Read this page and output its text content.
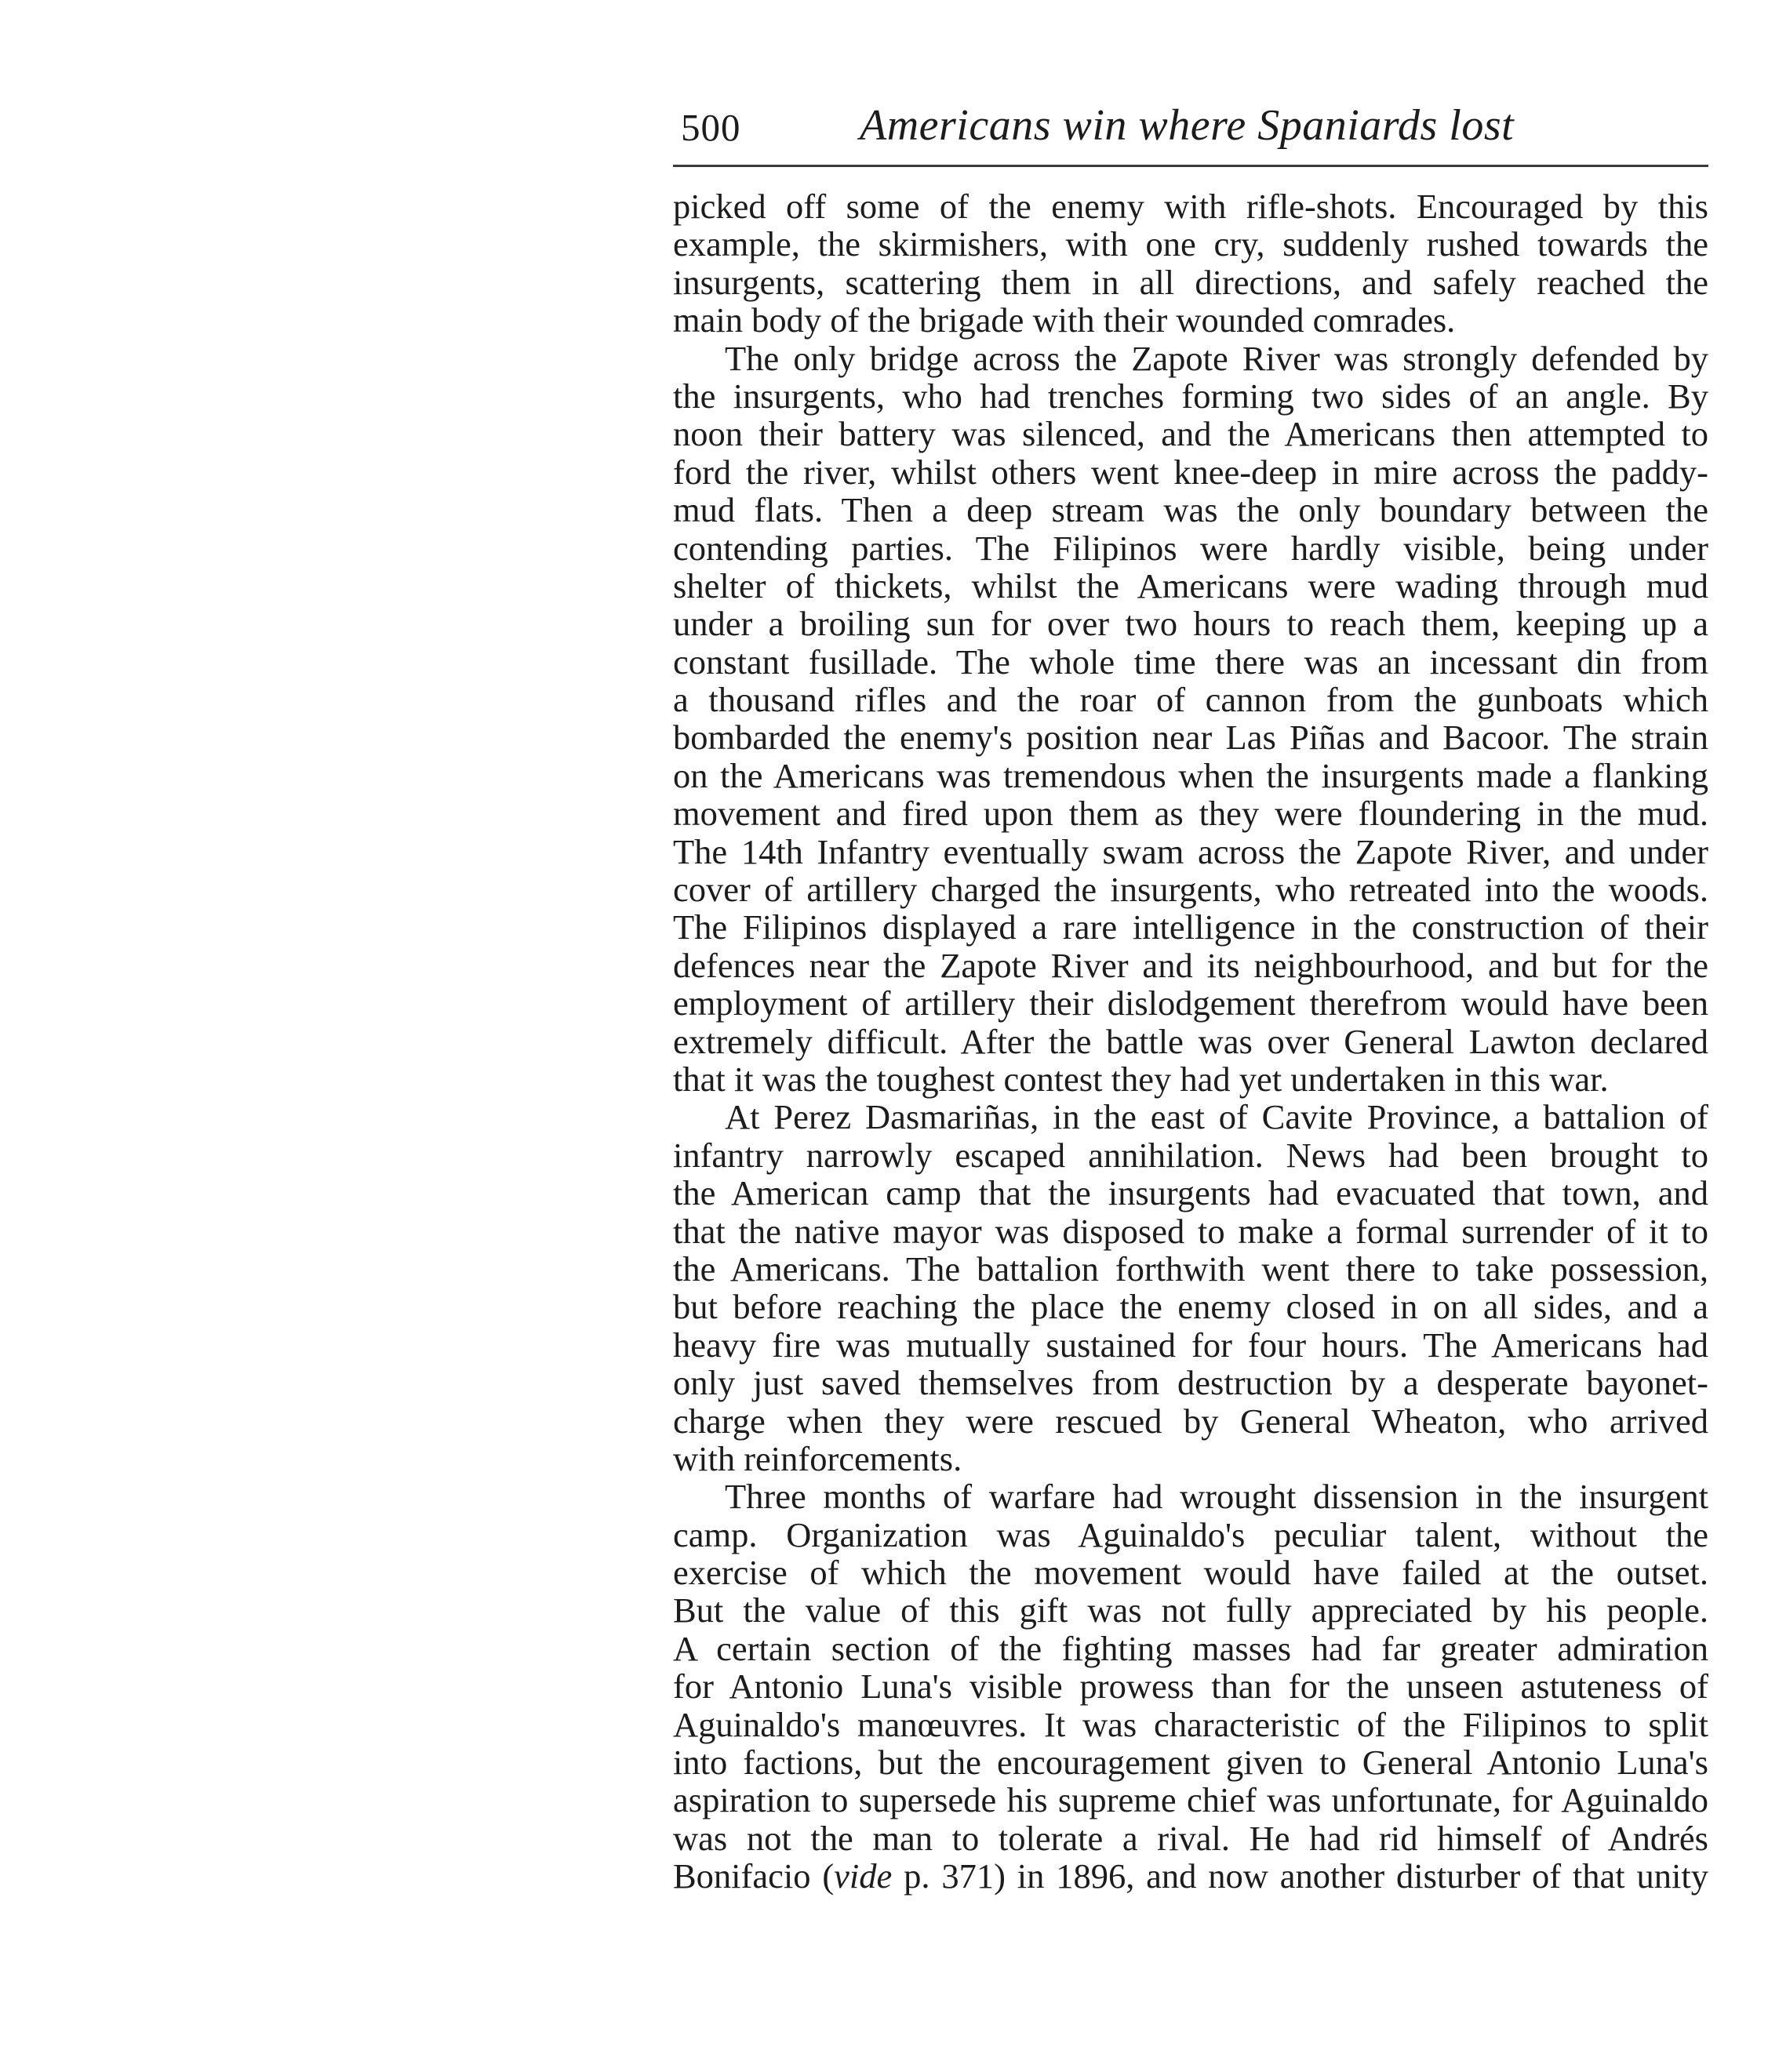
500	Americans win where Spaniards lost
picked off some of the enemy with rifle-shots. Encouraged by this
example, the skirmishers, with one cry, suddenly rushed towards the
insurgents, scattering them in all directions, and safely reached the
main body of the brigade with their wounded comrades.
The only bridge across the Zapote River was strongly defended by
the insurgents, who had trenches forming two sides of an angle. By
noon their battery was silenced, and the Americans then attempted to
ford the river, whilst others went knee-deep in mire across the paddy-
mud flats. Then a deep stream was the only boundary between the
contending parties. The Filipinos were hardly visible, being under
shelter of thickets, whilst the Americans were wading through mud
under a broiling sun for over two hours to reach them, keeping up a
constant fusillade. The whole time there was an incessant din from
a thousand rifles and the roar of cannon from the gunboats which
bombarded the enemy's position near Las Piñas and Bacoor. The strain
on the Americans was tremendous when the insurgents made a flanking
movement and fired upon them as they were floundering in the mud.
The 14th Infantry eventually swam across the Zapote River, and under
cover of artillery charged the insurgents, who retreated into the woods.
The Filipinos displayed a rare intelligence in the construction of their
defences near the Zapote River and its neighbourhood, and but for the
employment of artillery their dislodgement therefrom would have been
extremely difficult. After the battle was over General Lawton declared
that it was the toughest contest they had yet undertaken in this war.
At Perez Dasmariñas, in the east of Cavite Province, a battalion of
infantry narrowly escaped annihilation. News had been brought to
the American camp that the insurgents had evacuated that town, and
that the native mayor was disposed to make a formal surrender of it to
the Americans. The battalion forthwith went there to take possession,
but before reaching the place the enemy closed in on all sides, and a
heavy fire was mutually sustained for four hours. The Americans had
only just saved themselves from destruction by a desperate bayonet-
charge when they were rescued by General Wheaton, who arrived
with reinforcements.
Three months of warfare had wrought dissension in the insurgent
camp. Organization was Aguinaldo's peculiar talent, without the
exercise of which the movement would have failed at the outset.
But the value of this gift was not fully appreciated by his people.
A certain section of the fighting masses had far greater admiration
for Antonio Luna's visible prowess than for the unseen astuteness of
Aguinaldo's manœuvres. It was characteristic of the Filipinos to split
into factions, but the encouragement given to General Antonio Luna's
aspiration to supersede his supreme chief was unfortunate, for Aguinaldo
was not the man to tolerate a rival. He had rid himself of Andrés
Bonifacio (vide p. 371) in 1896, and now another disturber of that unity
